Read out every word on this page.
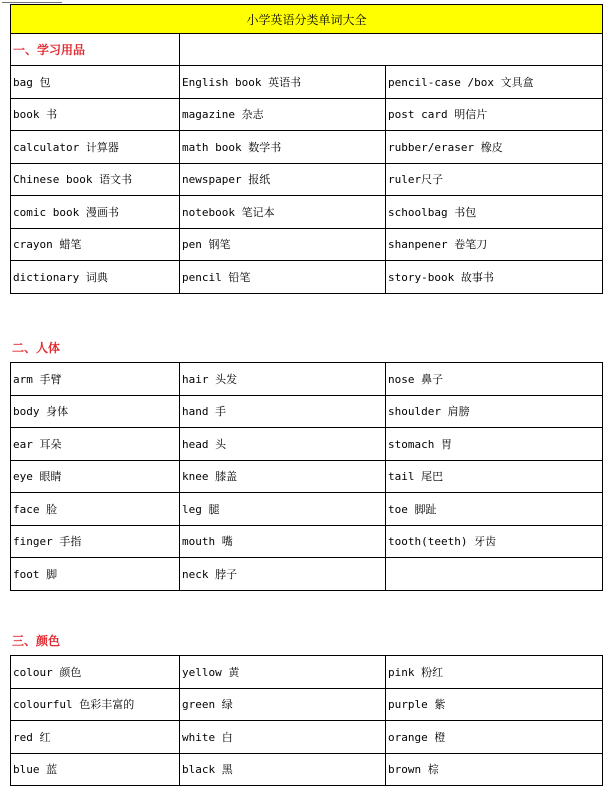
小学英语分类单词大全		
一、学习用品		
bag 包	English book 英语书	pencil-case /box 文具盒
book 书	magazine 杂志	post card 明信片
calculator 计算器	math book 数学书	rubber/eraser 橡皮
Chinese book 语文书	newspaper 报纸	ruler尺子
comic book 漫画书	notebook 笔记本	schoolbag 书包
crayon 蜡笔	pen 钢笔	shanpener 卷笔刀
dictionary 词典	pencil 铅笔	story-book 故事书
二、人体
arm 手臂	hair 头发	nose 鼻子
body 身体	hand 手	shoulder 肩膀
ear 耳朵	head 头	stomach 胃
eye 眼睛	knee 膝盖	tail 尾巴
face 脸	leg 腿	toe 脚趾
finger 手指	mouth 嘴	tooth(teeth) 牙齿
foot 脚	neck 脖子	
三、颜色
colour 颜色	yellow 黄	pink 粉红
colourful 色彩丰富的	green 绿	purple 紫
red 红	white 白	orange 橙
blue 蓝	black 黑	brown 棕
